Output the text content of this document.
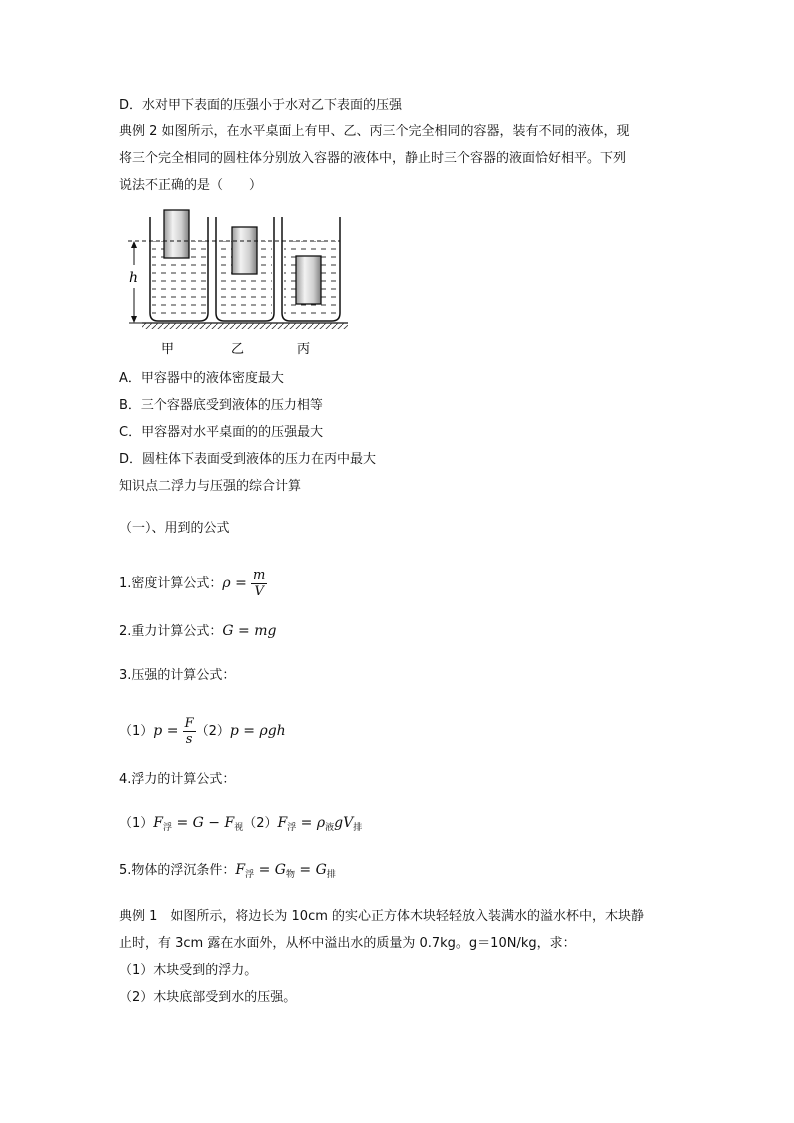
D．水对甲下表面的压强小于水对乙下表面的压强
典例 2 如图所示，在水平桌面上有甲、乙、丙三个完全相同的容器，装有不同的液体，现
将三个完全相同的圆柱体分别放入容器的液体中，静止时三个容器的液面恰好相平。下列
说法不正确的是（　　）
h
甲	乙	丙
A．甲容器中的液体密度最大
B．三个容器底受到液体的压力相等
C．甲容器对水平桌面的的压强最大
D．圆柱体下表面受到液体的压力在丙中最大
知识点二浮力与压强的综合计算
（一）、用到的公式
1.密度计算公式：$\rho = \frac{m}{V}$
2.重力计算公式：G = mg
3.压强的计算公式：
$(1)p = \frac{F}{s} (2)p = \rho gh$
4.浮力的计算公式：
$(1)F_浮 = G - F_视(2)F_浮 = \rho_液gV_排$
5.物体的浮沉条件：$F_浮 = G_物 = G_排$
典例 1　如图所示，将边长为 10cm 的实心正方体木块轻轻放入装满水的溢水杯中，木块静
止时，有 3cm 露在水面外，从杯中溢出水的质量为 0.7kg。g＝10N/kg，求：
（1）木块受到的浮力。
（2）木块底部受到水的压强。
